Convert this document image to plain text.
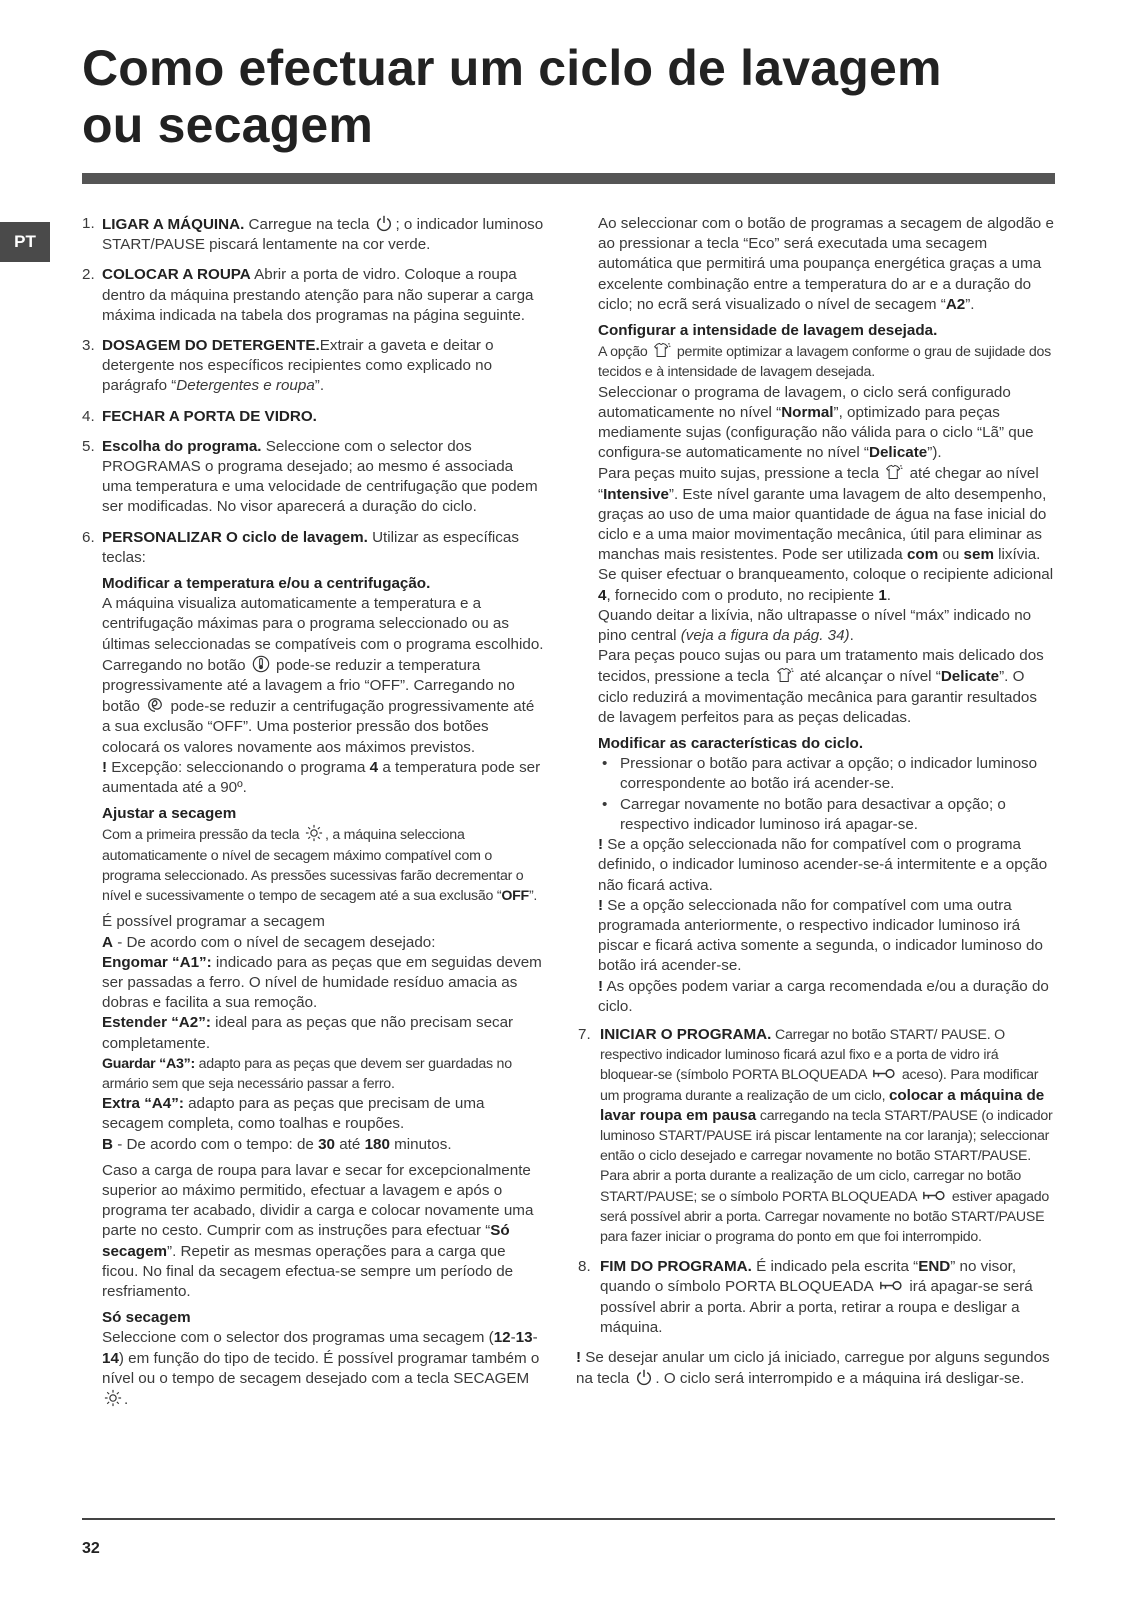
Como efectuar um ciclo de lavagem ou secagem
PT
1. LIGAR A MÁQUINA. Carregue na tecla ; o indicador luminoso START/PAUSE piscará lentamente na cor verde.
2. COLOCAR A ROUPA Abrir a porta de vidro. Coloque a roupa dentro da máquina prestando atenção para não superar a carga máxima indicada na tabela dos programas na página seguinte.
3. DOSAGEM DO DETERGENTE.Extrair a gaveta e deitar o detergente nos específicos recipientes como explicado no parágrafo “Detergentes e roupa”.
4. FECHAR A PORTA DE VIDRO.
5. Escolha do programa. Seleccione com o selector dos PROGRAMAS o programa desejado; ao mesmo é associada uma temperatura e uma velocidade de centrifugação que podem ser modificadas. No visor aparecerá a duração do ciclo.
6. PERSONALIZAR O ciclo de lavagem. Utilizar as específicas teclas:

Modificar a temperatura e/ou a centrifugação.

A máquina visualiza automaticamente a temperatura e a centrifugação máximas para o programa seleccionado ou as últimas seleccionadas se compatíveis com o programa escolhido. Carregando no botão  pode-se reduzir a temperatura progressivamente até a lavagem a frio “OFF”. Carregando no botão  pode-se reduzir a centrifugação progressivamente até a sua exclusão “OFF”. Uma posterior pressão dos botões colocará os valores novamente aos máximos previstos.

! Excepção: seleccionando o programa 4 a temperatura pode ser aumentada até a 90º.

Ajustar a secagem

Com a primeira pressão da tecla , a máquina selecciona automaticamente o nível de secagem máximo compatível com o programa seleccionado. As pressões sucessivas farão decrementar o nível e sucessivamente o tempo de secagem até a sua exclusão “OFF”.

É possível programar a secagem

A - De acordo com o nível de secagem desejado:

Engomar “A1”: indicado para as peças que em seguidas devem ser passadas a ferro. O nível de humidade resíduo amacia as dobras e facilita a sua remoção.

Estender “A2”: ideal para as peças que não precisam secar completamente.

Guardar “A3”: adapto para as peças que devem ser guardadas no armário sem que seja necessário passar a ferro.

Extra “A4”: adapto para as peças que precisam de uma secagem completa, como toalhas e roupões.

B - De acordo com o tempo: de 30 até 180 minutos.

Caso a carga de roupa para lavar e secar for excepcionalmente superior ao máximo permitido, efectuar a lavagem e após o programa ter acabado, dividir a carga e colocar novamente uma parte no cesto. Cumprir com as instruções para efectuar “Só secagem”. Repetir as mesmas operações para a carga que ficou. No final da secagem efectua-se sempre um período de resfriamento.

Só secagem

Seleccione com o selector dos programas uma secagem (12-13-14) em função do tipo de tecido. É possível programar também o nível ou o tempo de secagem desejado com a tecla SECAGEM .

Ao seleccionar com o botão de programas a secagem de algodão e ao pressionar a tecla “Eco” será executada uma secagem automática que permitirá uma poupança energética graças a uma excelente combinação entre a temperatura do ar e a duração do ciclo; no ecrã será visualizado o nível de secagem “A2”.

Configurar a intensidade de lavagem desejada.

A opção  permite optimizar a lavagem conforme o grau de sujidade dos tecidos e à intensidade de lavagem desejada.

Seleccionar o programa de lavagem, o ciclo será configurado automaticamente no nível “Normal”, optimizado para peças mediamente sujas (configuração não válida para o ciclo “Lã” que configura-se automaticamente no nível “Delicate”).

Para peças muito sujas, pressione a tecla  até chegar ao nível “Intensive”. Este nível garante uma lavagem de alto desempenho, graças ao uso de uma maior quantidade de água na fase inicial do ciclo e a uma maior movimentação mecânica, útil para eliminar as manchas mais resistentes. Pode ser utilizada com ou sem lixívia.

Se quiser efectuar o branqueamento, coloque o recipiente adicional 4, fornecido com o produto, no recipiente 1.

Quando deitar a lixívia, não ultrapasse o nível “máx” indicado no pino central (veja a figura da pág. 34).

Para peças pouco sujas ou para um tratamento mais delicado dos tecidos, pressione a tecla  até alcançar o nível “Delicate”. O ciclo reduzirá a movimentação mecânica para garantir resultados de lavagem perfeitos para as peças delicadas.

Modificar as características do ciclo.

• Pressionar o botão para activar a opção; o indicador luminoso correspondente ao botão irá acender-se.

• Carregar novamente no botão para desactivar a opção; o respectivo indicador luminoso irá apagar-se.

! Se a opção seleccionada não for compatível com o programa definido, o indicador luminoso acender-se-á intermitente e a opção não ficará activa.

! Se a opção seleccionada não for compatível com uma outra programada anteriormente, o respectivo indicador luminoso irá piscar e ficará activa somente a segunda, o indicador luminoso do botão irá acender-se.

! As opções podem variar a carga recomendada e/ou a duração do ciclo.

7. INICIAR O PROGRAMA. Carregar no botão START/ PAUSE. O respectivo indicador luminoso ficará azul fixo e a porta de vidro irá bloquear-se (símbolo PORTA BLOQUEADA  aceso). Para modificar um programa durante a realização de um ciclo, colocar a máquina de lavar roupa em pausa carregando na tecla START/PAUSE (o indicador luminoso START/PAUSE irá piscar lentamente na cor laranja); seleccionar então o ciclo desejado e carregar novamente no botão START/PAUSE. Para abrir a porta durante a realização de um ciclo, carregar no botão START/PAUSE; se o símbolo PORTA BLOQUEADA  estiver apagado será possível abrir a porta. Carregar novamente no botão START/PAUSE para fazer iniciar o programa do ponto em que foi interrompido.
8. FIM DO PROGRAMA. É indicado pela escrita “END” no visor, quando o símbolo PORTA BLOQUEADA  irá apagar-se será possível abrir a porta. Abrir a porta, retirar a roupa e desligar a máquina.

! Se desejar anular um ciclo já iniciado, carregue por alguns segundos na tecla . O ciclo será interrompido e a máquina irá desligar-se.

32
